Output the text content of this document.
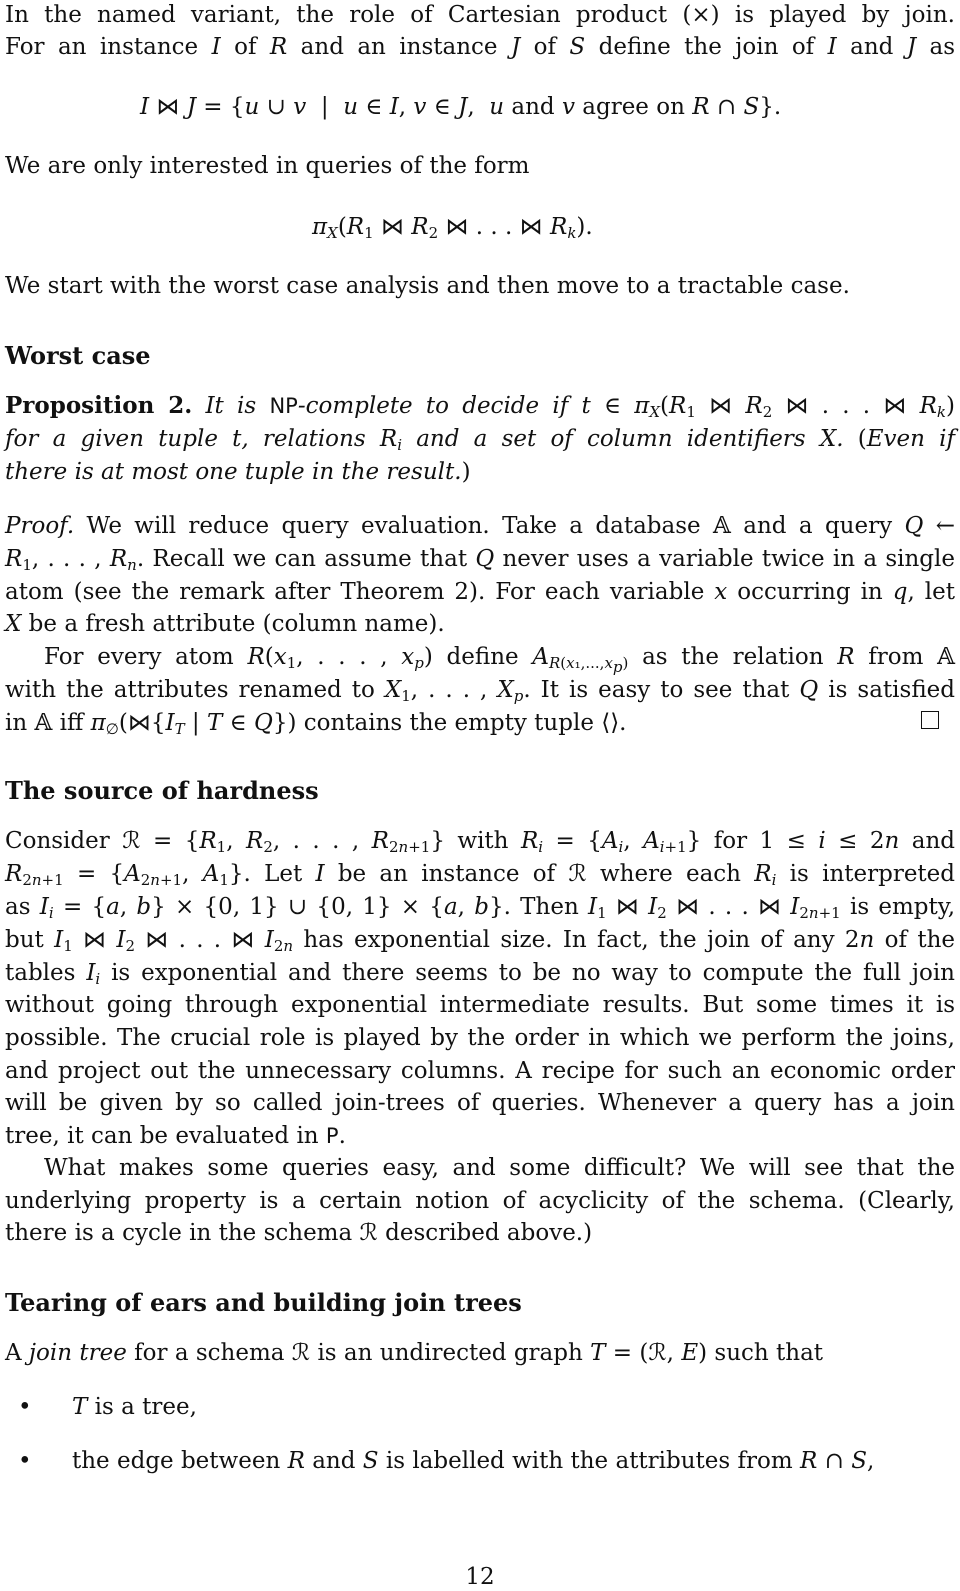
In the named variant, the role of Cartesian product (×) is played by join.
For an instance I of R and an instance J of S define the join of I and J as
I ⋈ J = {u ∪ v  |  u ∈ I, v ∈ J,  u and v agree on R ∩ S}.
We are only interested in queries of the form
$\pi_X(R_1$ ⋈ $R_2$ ⋈ . . . ⋈ $R_k$).
We start with the worst case analysis and then move to a tractable case.
Worst case
Proposition 2. It is NP-complete to decide if t ∈ $\pi_X(R_1$ ⋈ $R_2$ ⋈ . . . ⋈ $R_k$)
for a given tuple t, relations $R_i$ and a set of column identifiers X. (Even if
there is at most one tuple in the result.)
Proof. We will reduce query evaluation. Take a database 𝔸 and a query Q ←
$R_1$, . . . , $R_n$. Recall we can assume that Q never uses a variable twice in a single
atom (see the remark after Theorem 2). For each variable x occurring in q, let
X be a fresh attribute (column name).
For every atom $R(x_1$, . . . , $x_p$) define $A_{R(x_1,...,x_p)}$ as the relation R from 𝔸
with the attributes renamed to $X_1$, . . . , $X_p$. It is easy to see that Q is satisfied
in 𝔸 iff $\pi_\emptyset(⋈\{I_T$ | T ∈ Q}) contains the empty tuple ⟨⟩.
The source of hardness
Consider ℛ = {$R_1$, $R_2$, . . . , $R_{2n+1}$} with $R_i = \{A_i$, $A_{i+1}$} for 1 ≤ i ≤ 2n and
$R_{2n+1} = \{A_{2n+1}$, $A_1$}. Let I be an instance of ℛ where each $R_i$ is interpreted
as $I_i = \{a$, b} × {0, 1} ∪ {0, 1} × {a, b}. Then $I_1$ ⋈ $I_2$ ⋈ . . . ⋈ $I_{2n+1}$ is empty,
but $I_1$ ⋈ $I_2$ ⋈ . . . ⋈ $I_{2n}$ has exponential size. In fact, the join of any 2n of the
tables $I_i$ is exponential and there seems to be no way to compute the full join
without going through exponential intermediate results. But some times it is
possible. The crucial role is played by the order in which we perform the joins,
and project out the unnecessary columns. A recipe for such an economic order
will be given by so called join-trees of queries. Whenever a query has a join
tree, it can be evaluated in P.
What makes some queries easy, and some difficult? We will see that the
underlying property is a certain notion of acyclicity of the schema. (Clearly,
there is a cycle in the schema ℛ described above.)
Tearing of ears and building join trees
A join tree for a schema ℛ is an undirected graph T = (ℛ, E) such that
• T is a tree,
• the edge between R and S is labelled with the attributes from R ∩ S,
12
